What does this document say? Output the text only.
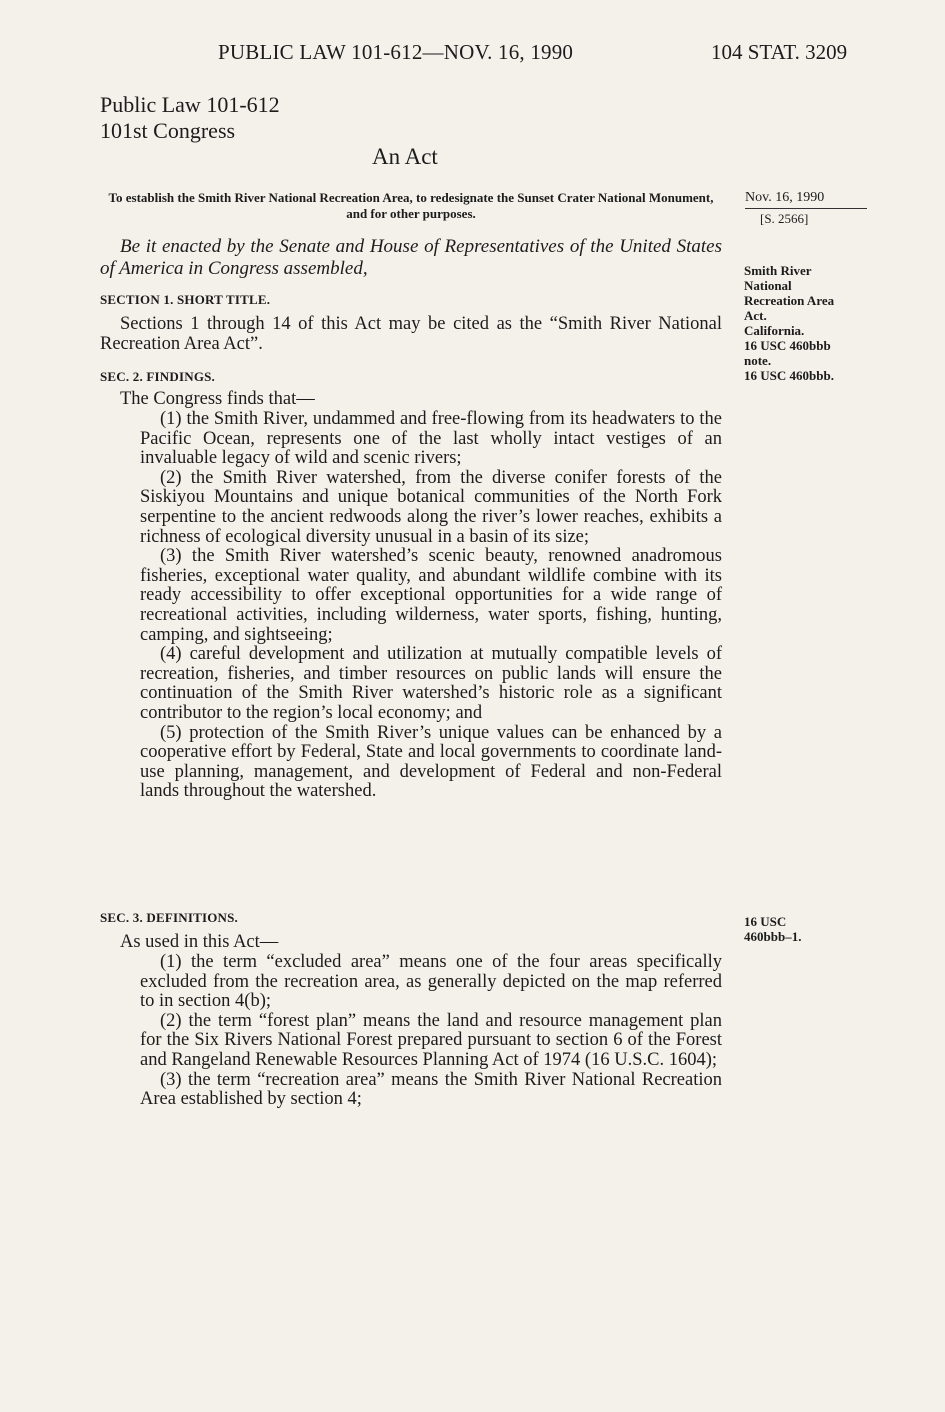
PUBLIC LAW 101-612—NOV. 16, 1990	104 STAT. 3209
Public Law 101-612
101st Congress
An Act
To establish the Smith River National Recreation Area, to redesignate the Sunset Crater National Monument, and for other purposes.
Nov. 16, 1990
[S. 2566]
Smith River
National
Recreation Area
Act.
California.
16 USC 460bbb
note.
16 USC 460bbb.
Be it enacted by the Senate and House of Representatives of the United States of America in Congress assembled,
SECTION 1. SHORT TITLE.

Sections 1 through 14 of this Act may be cited as the “Smith River National Recreation Area Act”.

SEC. 2. FINDINGS.

The Congress finds that—

(1) the Smith River, undammed and free-flowing from its headwaters to the Pacific Ocean, represents one of the last wholly intact vestiges of an invaluable legacy of wild and scenic rivers;

(2) the Smith River watershed, from the diverse conifer forests of the Siskiyou Mountains and unique botanical communities of the North Fork serpentine to the ancient redwoods along the river’s lower reaches, exhibits a richness of ecological diversity unusual in a basin of its size;

(3) the Smith River watershed’s scenic beauty, renowned anadromous fisheries, exceptional water quality, and abundant wildlife combine with its ready accessibility to offer exceptional opportunities for a wide range of recreational activities, including wilderness, water sports, fishing, hunting, camping, and sightseeing;

(4) careful development and utilization at mutually compatible levels of recreation, fisheries, and timber resources on public lands will ensure the continuation of the Smith River watershed’s historic role as a significant contributor to the region’s local economy; and

(5) protection of the Smith River’s unique values can be enhanced by a cooperative effort by Federal, State and local governments to coordinate land-use planning, management, and development of Federal and non-Federal lands throughout the watershed.

SEC. 3. DEFINITIONS.	16 USC
460bbb–1.

As used in this Act—

(1) the term “excluded area” means one of the four areas specifically excluded from the recreation area, as generally depicted on the map referred to in section 4(b);

(2) the term “forest plan” means the land and resource management plan for the Six Rivers National Forest prepared pursuant to section 6 of the Forest and Rangeland Renewable Resources Planning Act of 1974 (16 U.S.C. 1604);

(3) the term “recreation area” means the Smith River National Recreation Area established by section 4;
